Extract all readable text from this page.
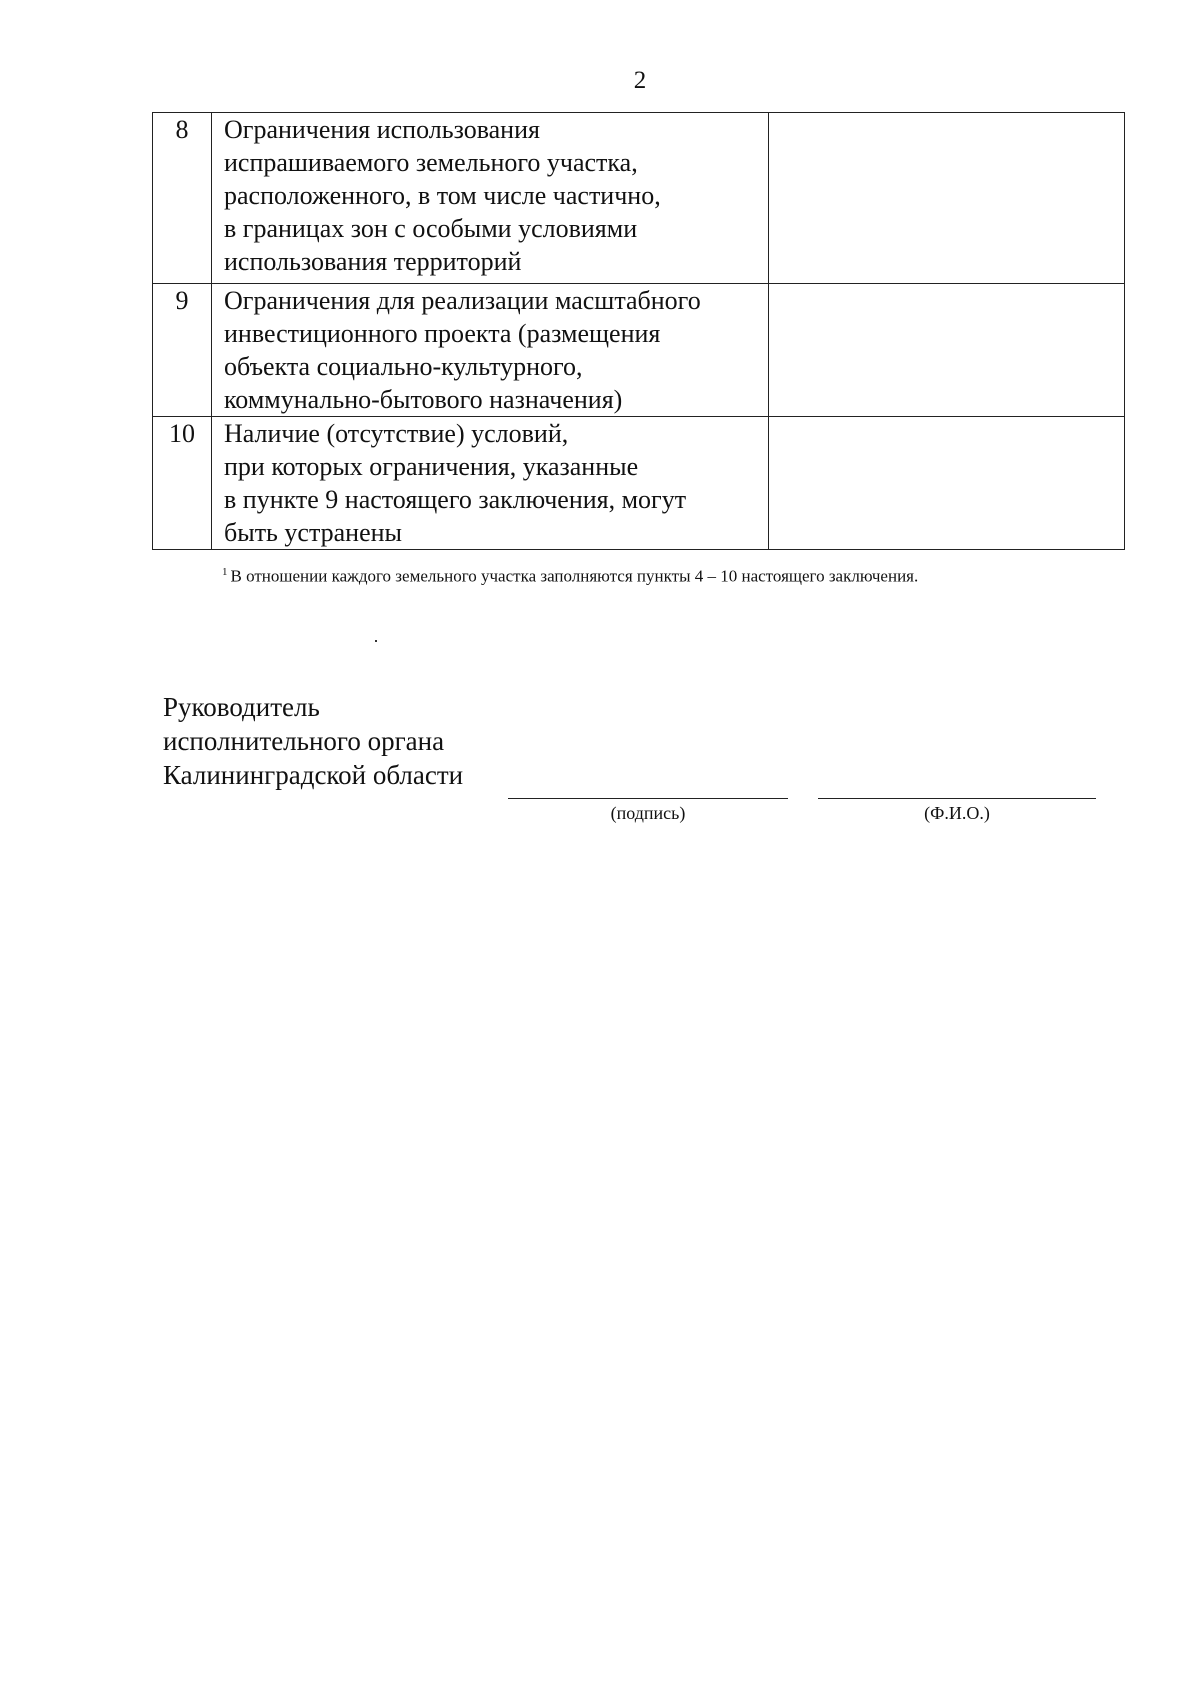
2
8	Ограничения использования
испрашиваемого земельного участка,
расположенного, в том числе частично,
в границах зон с особыми условиями
использования территорий	

9	Ограничения для реализации масштабного
инвестиционного проекта (размещения
объекта социально-культурного,
коммунально-бытового назначения)	

10	Наличие (отсутствие) условий,
при которых ограничения, указанные
в пункте 9 настоящего заключения, могут
быть устранены	

$^1$ В отношении каждого земельного участка заполняются пункты 4 – 10 настоящего заключения.
Руководитель
исполнительного органа
Калининградской области
(подпись)	(Ф.И.О.)
